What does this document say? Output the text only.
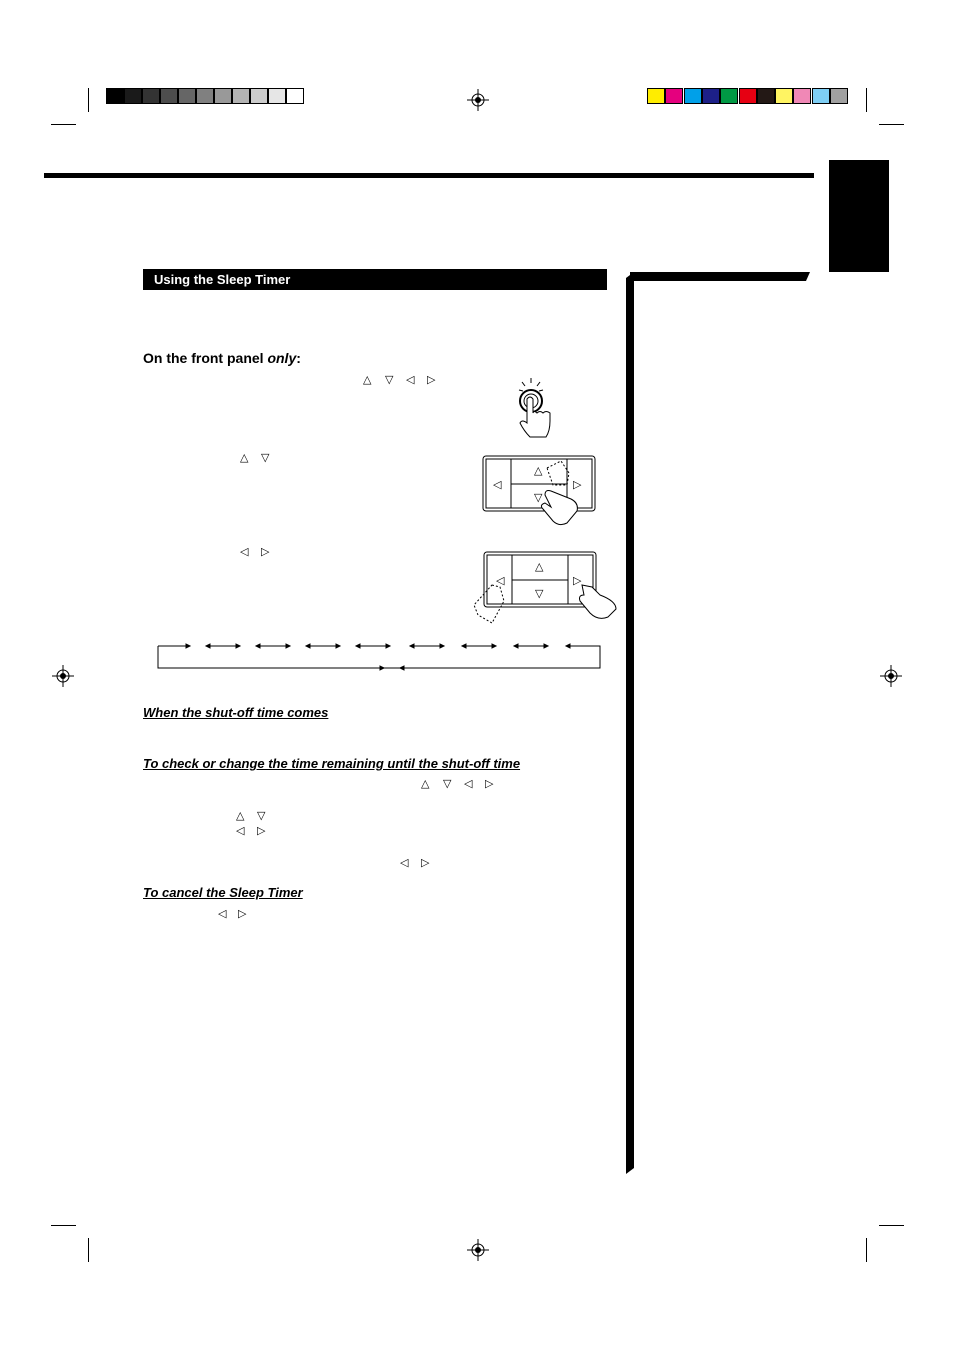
Using the Sleep Timer
On the front panel only:
△ ▽ ◁ ▷
△ ▽
◁ ▷
◁
△
▽
▷
◁
△
▽
▷
When the shut-off time comes
To check or change the time remaining until the shut-off time
To cancel the Sleep Timer
△ ▽ ◁ ▷
△ ▽
◁ ▷
◁ ▷
◁ ▷
